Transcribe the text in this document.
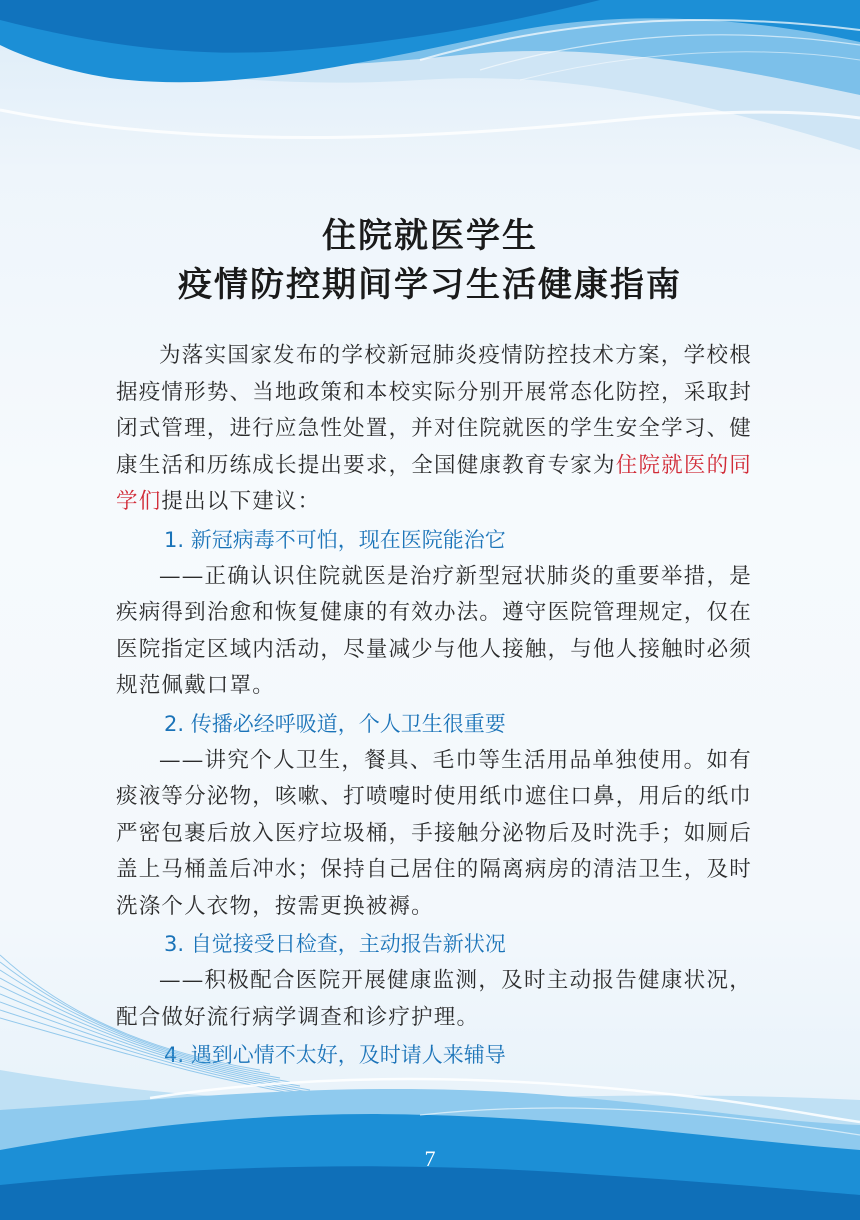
住院就医学生
疫情防控期间学习生活健康指南

为落实国家发布的学校新冠肺炎疫情防控技术方案，学校根据疫情形势、当地政策和本校实际分别开展常态化防控，采取封闭式管理，进行应急性处置，并对住院就医的学生安全学习、健康生活和历练成长提出要求，全国健康教育专家为住院就医的同学们提出以下建议：

1. 新冠病毒不可怕，现在医院能治它

——正确认识住院就医是治疗新型冠状肺炎的重要举措，是疾病得到治愈和恢复健康的有效办法。遵守医院管理规定，仅在医院指定区域内活动，尽量减少与他人接触，与他人接触时必须规范佩戴口罩。

2. 传播必经呼吸道，个人卫生很重要

——讲究个人卫生，餐具、毛巾等生活用品单独使用。如有痰液等分泌物，咳嗽、打喷嚏时使用纸巾遮住口鼻，用后的纸巾严密包裹后放入医疗垃圾桶，手接触分泌物后及时洗手；如厕后盖上马桶盖后冲水；保持自己居住的隔离病房的清洁卫生，及时洗涤个人衣物，按需更换被褥。

3. 自觉接受日检查，主动报告新状况

——积极配合医院开展健康监测，及时主动报告健康状况，配合做好流行病学调查和诊疗护理。

4. 遇到心情不太好，及时请人来辅导
7
